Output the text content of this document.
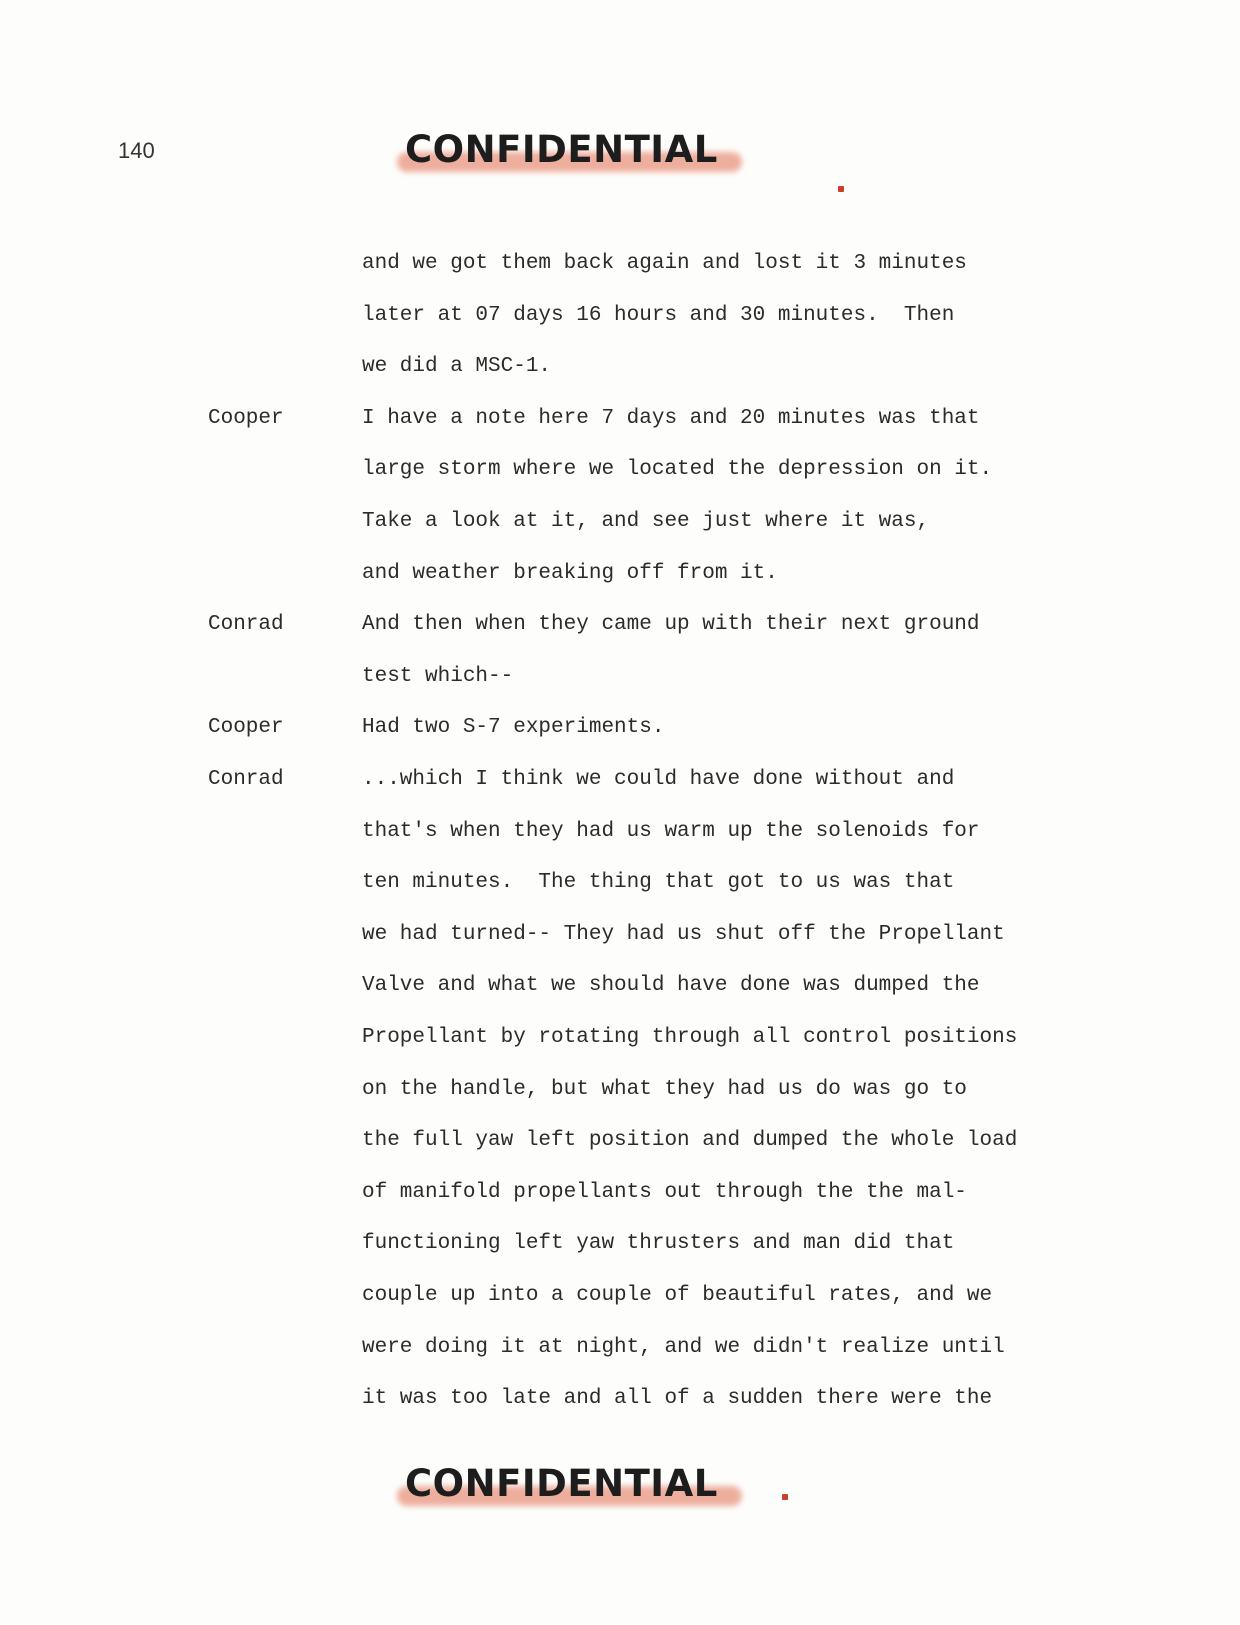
140	CONFIDENTIAL
and we got them back again and lost it 3 minutes
later at 07 days 16 hours and 30 minutes.  Then
we did a MSC-1.
Cooper	I have a note here 7 days and 20 minutes was that
large storm where we located the depression on it.
Take a look at it, and see just where it was,
and weather breaking off from it.
Conrad	And then when they came up with their next ground
test which--
Cooper	Had two S-7 experiments.
Conrad	...which I think we could have done without and
that's when they had us warm up the solenoids for
ten minutes.  The thing that got to us was that
we had turned-- They had us shut off the Propellant
Valve and what we should have done was dumped the
Propellant by rotating through all control positions
on the handle, but what they had us do was go to
the full yaw left position and dumped the whole load
of manifold propellants out through the the mal-
functioning left yaw thrusters and man did that
couple up into a couple of beautiful rates, and we
were doing it at night, and we didn't realize until
it was too late and all of a sudden there were the
CONFIDENTIAL
